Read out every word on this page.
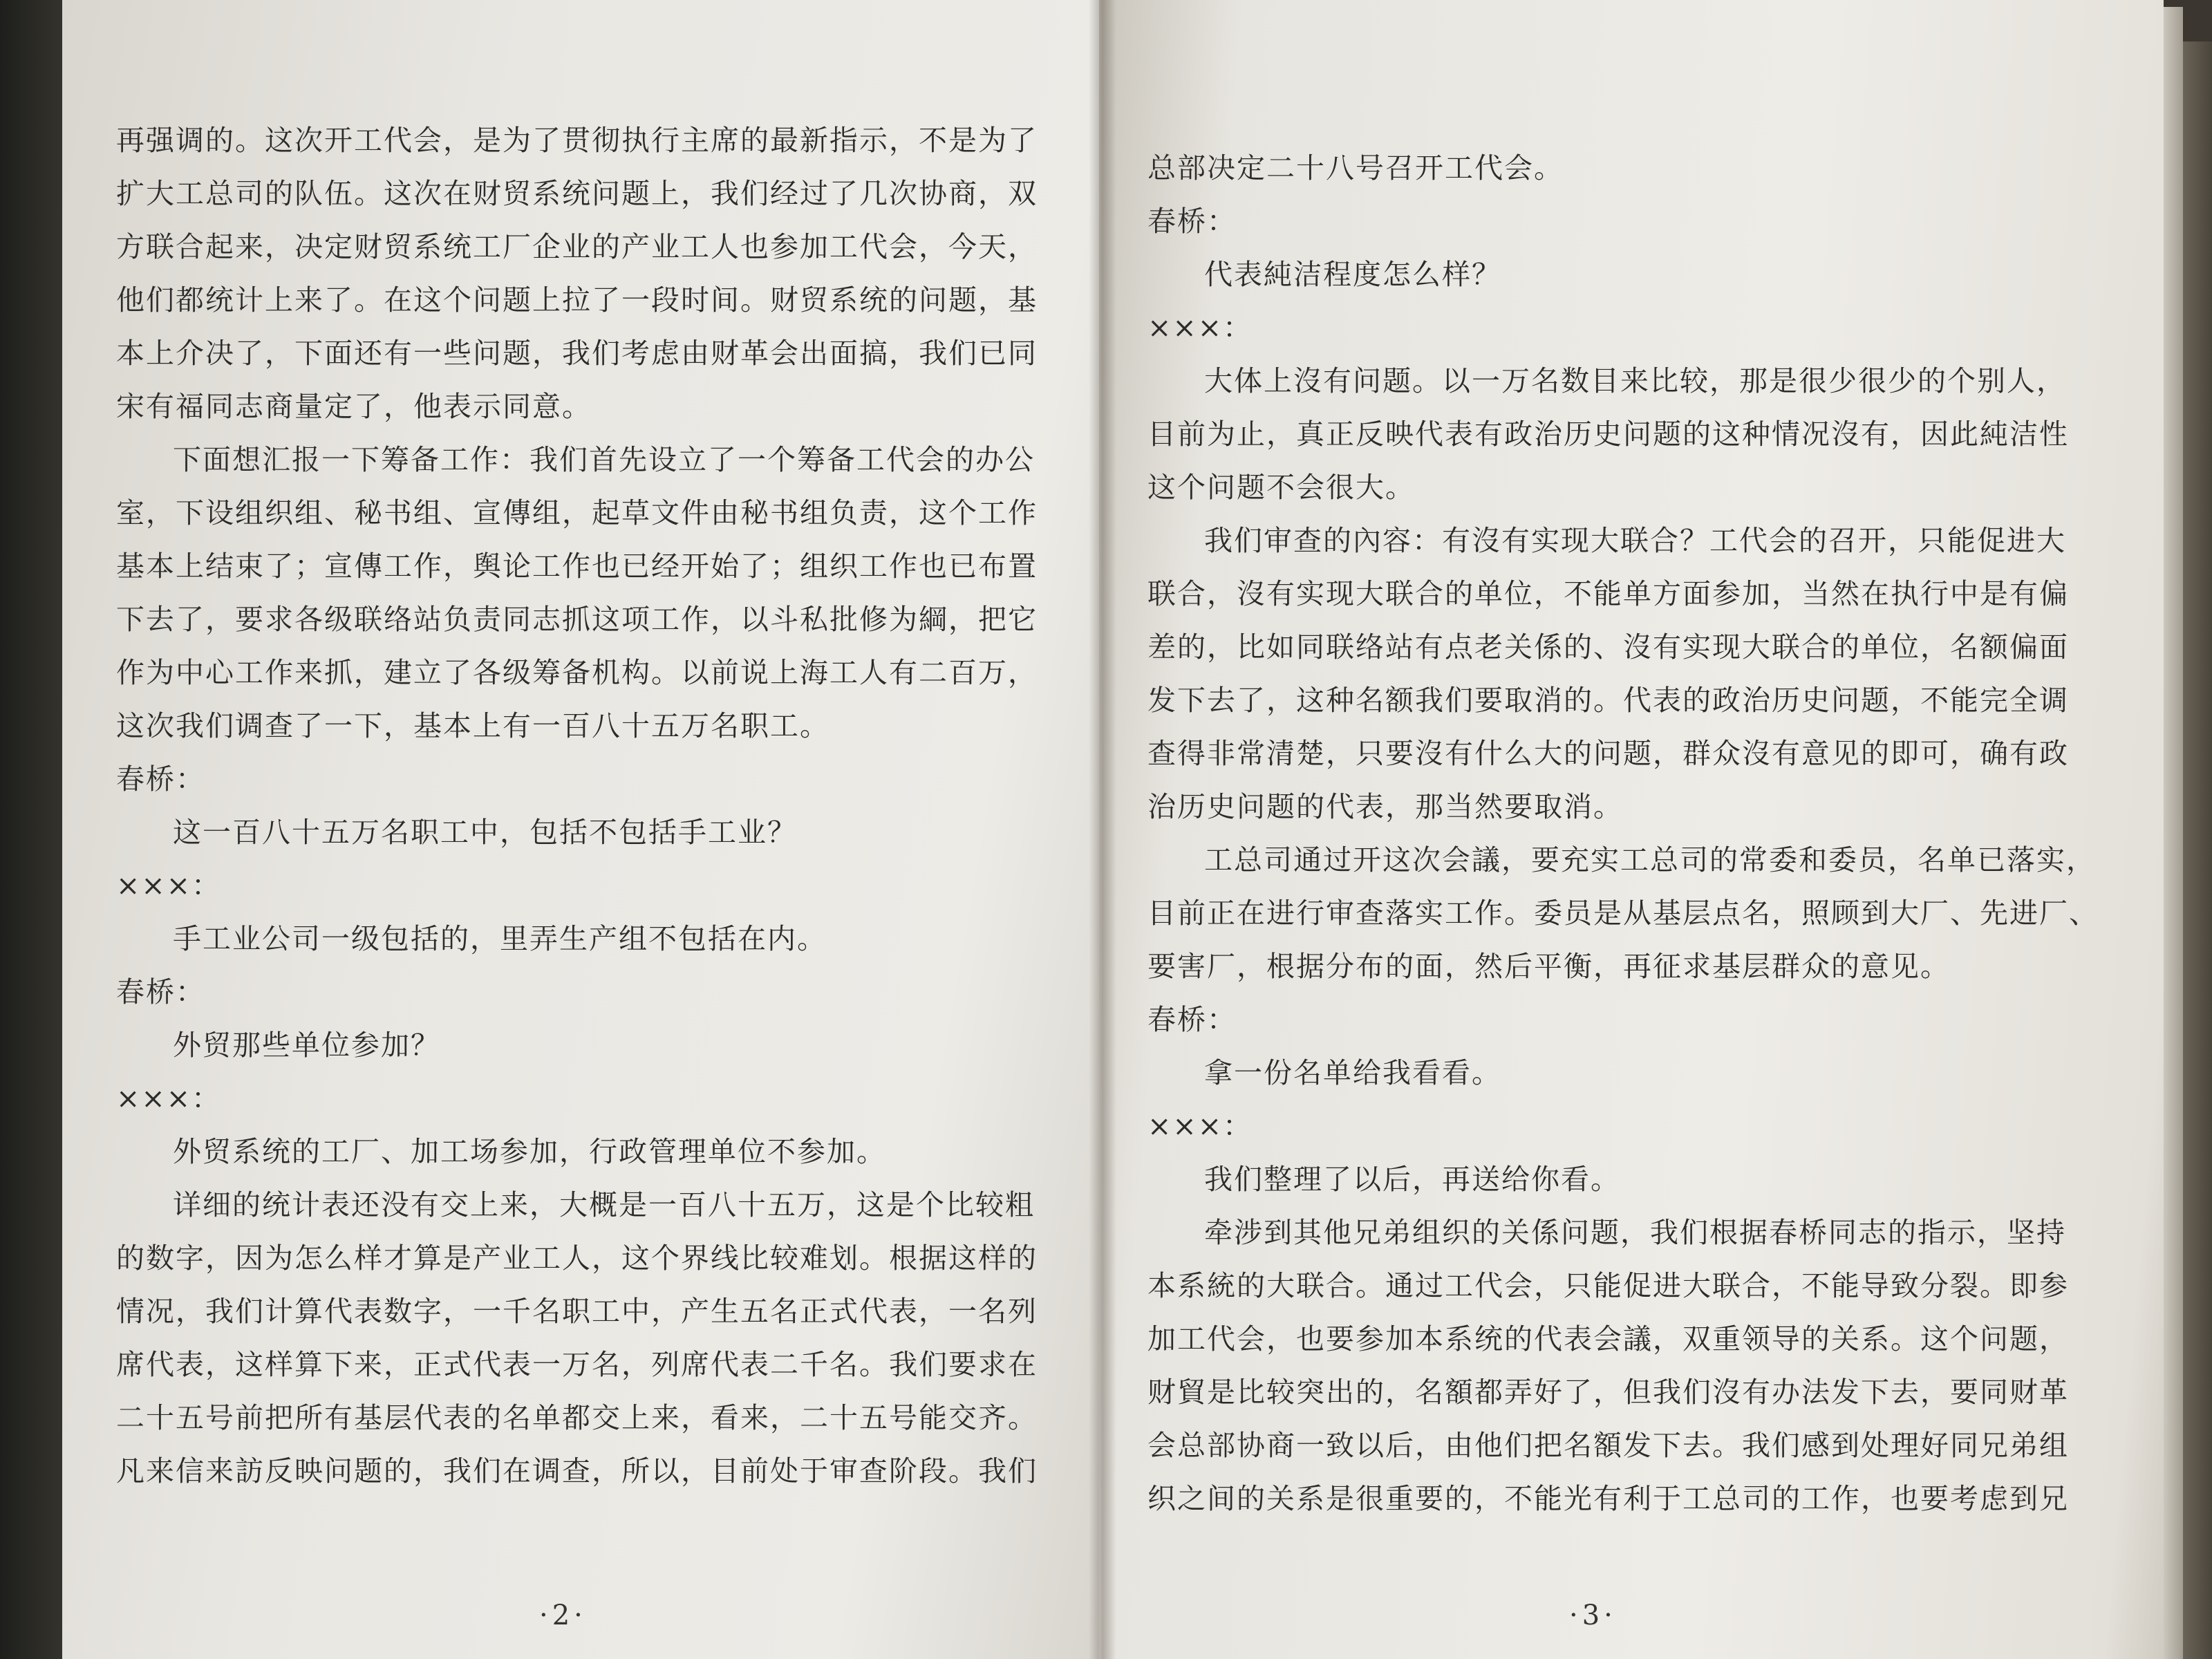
再强调的。这次开工代会，是为了贯彻执行主席的最新指示，不是为了

扩大工总司的队伍。这次在财贸系统问题上，我们经过了几次协商，双

方联合起来，决定财贸系统工厂企业的产业工人也参加工代会，今天，

他们都统计上来了。在这个问题上拉了一段时间。财贸系统的问题，基

本上介决了，下面还有一些问题，我们考虑由财革会出面搞，我们已同

宋有福同志商量定了，他表示同意。

下面想汇报一下筹备工作：我们首先设立了一个筹备工代会的办公

室，下设组织组、秘书组、宣傳组，起草文件由秘书组负责，这个工作

基本上结束了；宣傳工作，舆论工作也已经开始了；组织工作也已布置

下去了，要求各级联络站负责同志抓这项工作，以斗私批修为綱，把它

作为中心工作来抓，建立了各级筹备机构。以前说上海工人有二百万，

这次我们调查了一下，基本上有一百八十五万名职工。

春桥：

这一百八十五万名职工中，包括不包括手工业？

×××：

手工业公司一级包括的，里弄生产组不包括在内。

春桥：

外贸那些单位参加？

×××：

外贸系统的工厂、加工场参加，行政管理单位不参加。

详细的统计表还没有交上来，大概是一百八十五万，这是个比较粗

的数字，因为怎么样才算是产业工人，这个界线比较难划。根据这样的

情况，我们计算代表数字，一千名职工中，产生五名正式代表，一名列

席代表，这样算下来，正式代表一万名，列席代表二千名。我们要求在

二十五号前把所有基层代表的名单都交上来，看来，二十五号能交齐。

凡来信来訪反映问题的，我们在调查，所以，目前处于审查阶段。我们

·2·

总部决定二十八号召开工代会。

春桥：

代表純洁程度怎么样？

×××：

大体上沒有问题。以一万名数目来比较，那是很少很少的个别人，

目前为止，真正反映代表有政治历史问题的这种情况沒有，因此純洁性

这个问题不会很大。

我们审查的內容：有沒有实现大联合？工代会的召开，只能促进大

联合，沒有实现大联合的单位，不能单方面参加，当然在执行中是有偏

差的，比如同联络站有点老关係的、沒有实现大联合的单位，名额偏面

发下去了，这种名额我们要取消的。代表的政治历史问题，不能完全调

查得非常清楚，只要沒有什么大的问题，群众沒有意见的即可，确有政

治历史问题的代表，那当然要取消。

工总司通过开这次会議，要充实工总司的常委和委员，名单已落实，

目前正在进行审查落实工作。委员是从基层点名，照顾到大厂、先进厂、

要害厂，根据分布的面，然后平衡，再征求基层群众的意见。

春桥：

拿一份名单给我看看。

×××：

我们整理了以后，再送给你看。

牵涉到其他兄弟组织的关係问题，我们根据春桥同志的指示，坚持

本系統的大联合。通过工代会，只能促进大联合，不能导致分裂。即参

加工代会，也要参加本系统的代表会議，双重领导的关系。这个问题，

财貿是比较突出的，名額都弄好了，但我们沒有办法发下去，要同财革

会总部协商一致以后，由他们把名額发下去。我们感到处理好同兄弟组

织之间的关系是很重要的，不能光有利于工总司的工作，也要考虑到兄

·3·
